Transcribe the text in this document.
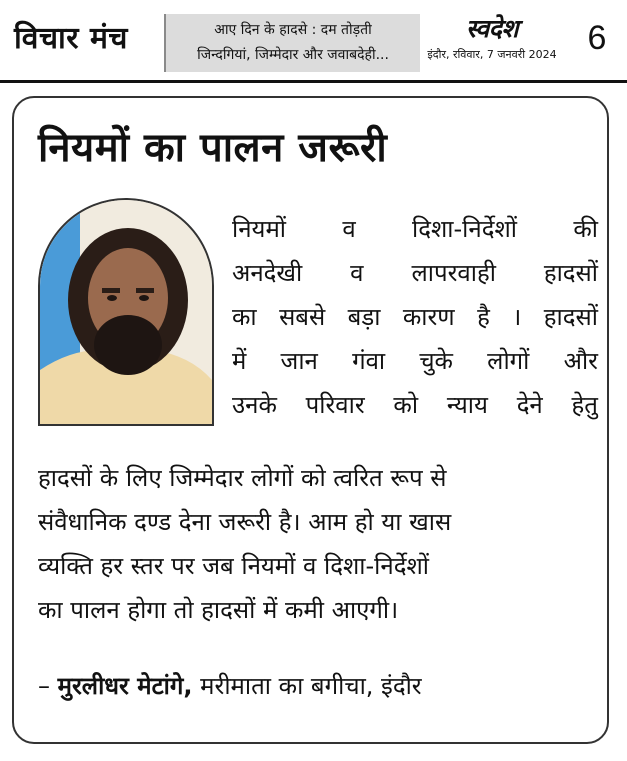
विचार मंच	आए दिन के हादसे : दम तोड़ती
जिन्दगियां, जिम्मेदार और जवाबदेही...
स्वदेश
इंदौर, रविवार, 7 जनवरी 2024 6
नियमों का पालन जरूरी
नियमों व दिशा-निर्देशों की
अनदेखी व लापरवाही हादसों
का सबसे बड़ा कारण है । हादसों
में जान गंवा चुके लोगों और
उनके परिवार को न्याय देने हेतु
हादसों के लिए जिम्मेदार लोगों को त्वरित रूप से
संवैधानिक दण्ड देना जरूरी है। आम हो या खास
व्यक्ति हर स्तर पर जब नियमों व दिशा-निर्देशों
का पालन होगा तो हादसों में कमी आएगी।
– मुरलीधर मेटांगे, मरीमाता का बगीचा, इंदौर
